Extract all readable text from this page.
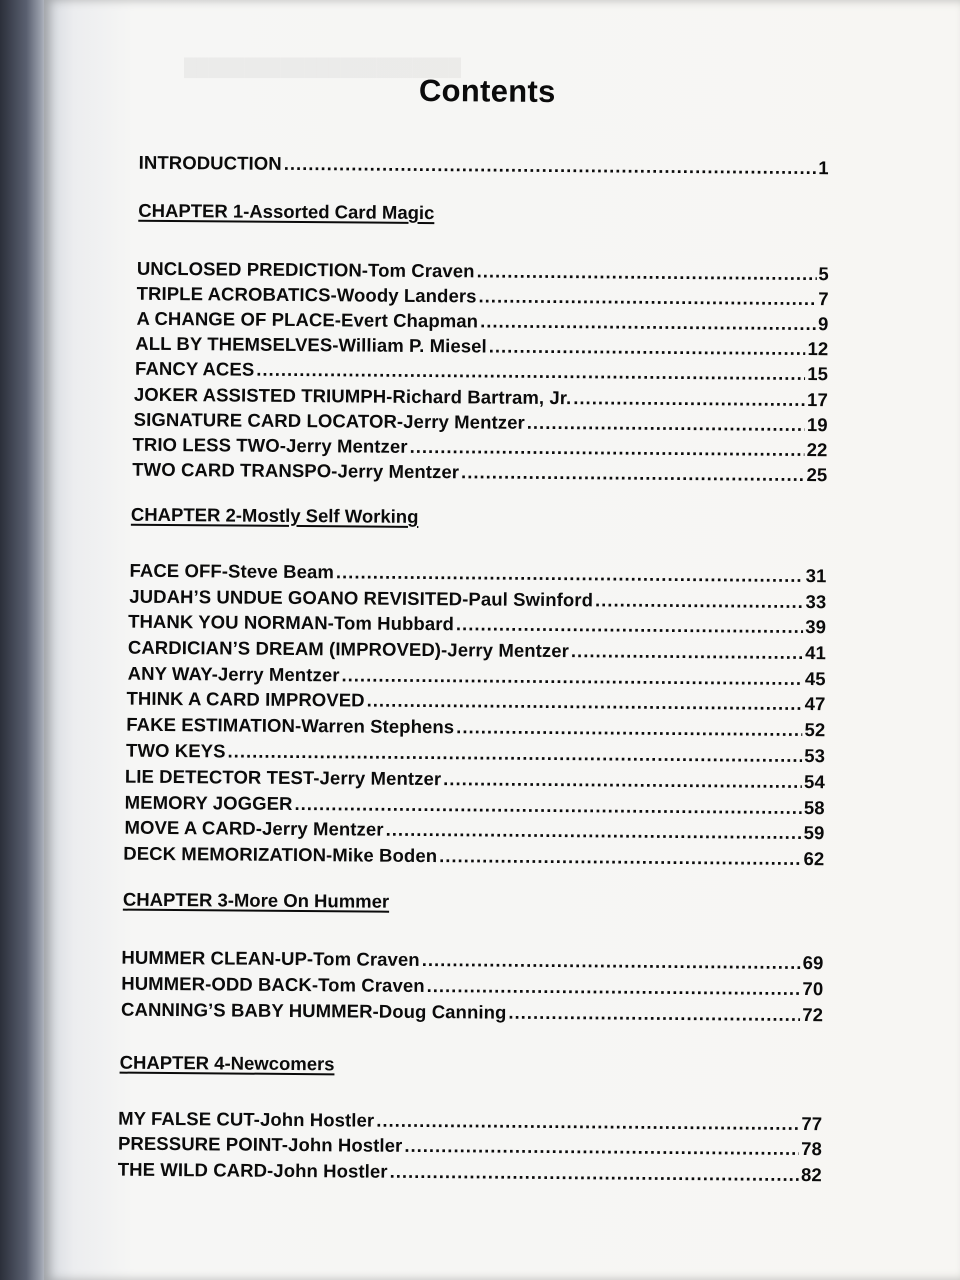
Contents
INTRODUCTION .....	1
CHAPTER 1-Assorted Card Magic
UNCLOSED PREDICTION-Tom Craven .....	5
TRIPLE ACROBATICS-Woody Landers .....	7
A CHANGE OF PLACE-Evert Chapman .....	9
ALL BY THEMSELVES-William P. Miesel .....	12
FANCY ACES .....	15
JOKER ASSISTED TRIUMPH-Richard Bartram, Jr. .....	17
SIGNATURE CARD LOCATOR-Jerry Mentzer .....	19
TRIO LESS TWO-Jerry Mentzer .....	22
TWO CARD TRANSPO-Jerry Mentzer .....	25
CHAPTER 2-Mostly Self Working
FACE OFF-Steve Beam .....	31
JUDAH’S UNDUE GOANO REVISITED-Paul Swinford .....	33
THANK YOU NORMAN-Tom Hubbard .....	39
CARDICIAN’S DREAM (IMPROVED)-Jerry Mentzer .....	41
ANY WAY-Jerry Mentzer .....	45
THINK A CARD IMPROVED .....	47
FAKE ESTIMATION-Warren Stephens .....	52
TWO KEYS .....	53
LIE DETECTOR TEST-Jerry Mentzer .....	54
MEMORY JOGGER .....	58
MOVE A CARD-Jerry Mentzer .....	59
DECK MEMORIZATION-Mike Boden .....	62
CHAPTER 3-More On Hummer
HUMMER CLEAN-UP-Tom Craven .....	69
HUMMER-ODD BACK-Tom Craven .....	70
CANNING’S BABY HUMMER-Doug Canning .....	72
CHAPTER 4-Newcomers
MY FALSE CUT-John Hostler .....	77
PRESSURE POINT-John Hostler .....	78
THE WILD CARD-John Hostler .....	82
